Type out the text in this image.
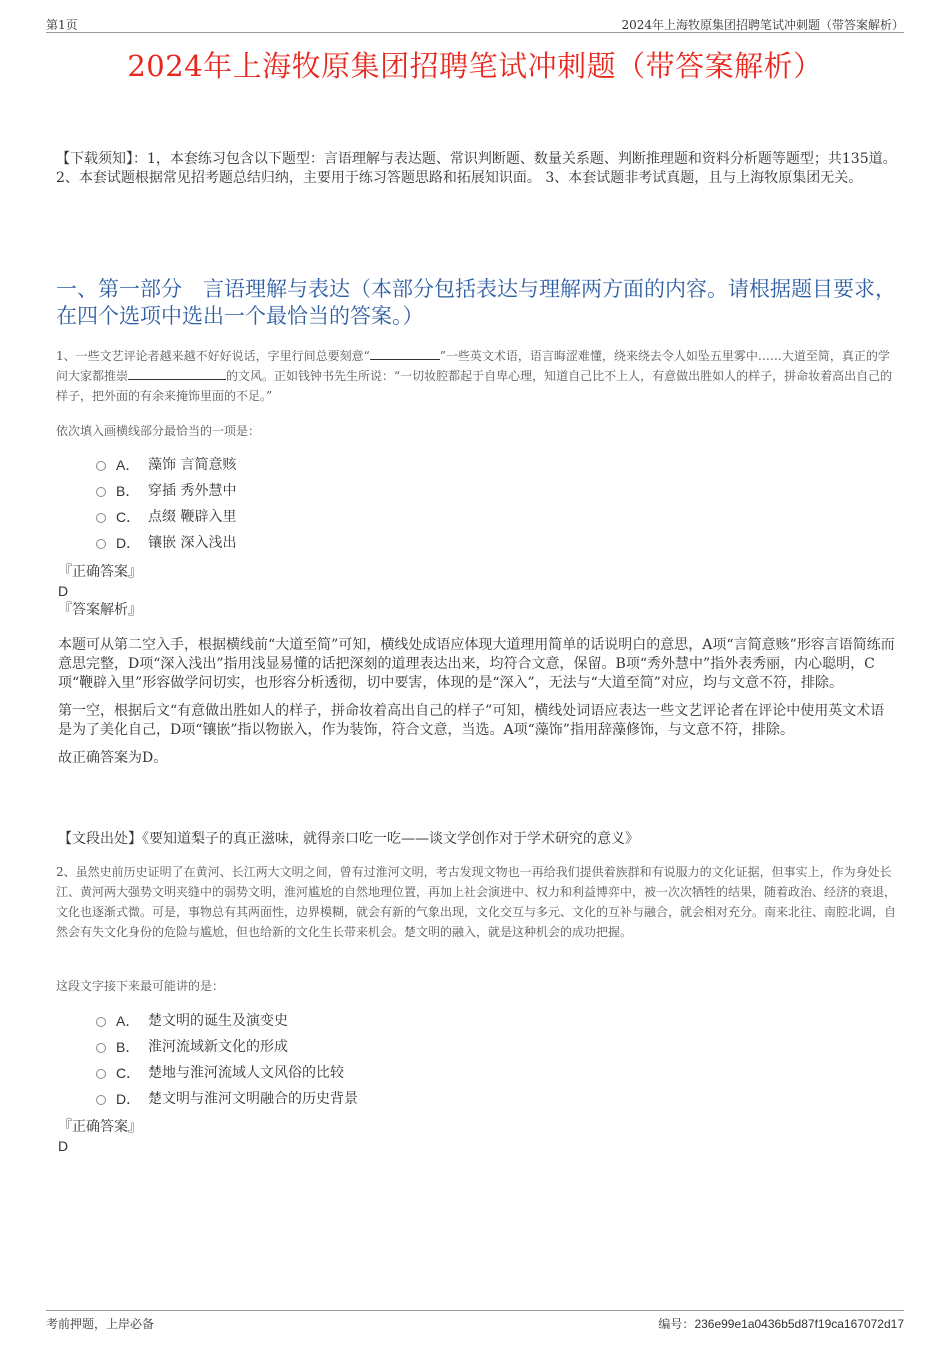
第1页	2024年上海牧原集团招聘笔试冲刺题（带答案解析）
2024年上海牧原集团招聘笔试冲刺题（带答案解析）
【下载须知】：1，本套练习包含以下题型：言语理解与表达题、常识判断题、数量关系题、判断推理题和资料分析题等题型；共135道。 2、本套试题根据常见招考题总结归纳，主要用于练习答题思路和拓展知识面。 3、本套试题非考试真题，且与上海牧原集团无关。
一、第一部分　言语理解与表达（本部分包括表达与理解两方面的内容。请根据题目要求，在四个选项中选出一个最恰当的答案。）
1、一些文艺评论者越来越不好好说话，字里行间总要刻意“	”一些英文术语，语言晦涩难懂，绕来绕去令人如坠五里雾中……大道至简，真正的学问大家都推崇	的文风。正如钱钟书先生所说：“一切妆腔都起于自卑心理，知道自己比不上人，有意做出胜如人的样子，拼命妆着高出自己的样子，把外面的有余来掩饰里面的不足。”
依次填入画横线部分最恰当的一项是：
A． 藻饰 言简意赅
B． 穿插 秀外慧中
C． 点缀 鞭辟入里
D． 镶嵌 深入浅出
『正确答案』
D
『答案解析』

本题可从第二空入手，根据横线前“大道至简”可知，横线处成语应体现大道理用简单的话说明白的意思，A项“言简意赅”形容言语简练而意思完整，D项“深入浅出”指用浅显易懂的话把深刻的道理表达出来，均符合文意，保留。B项“秀外慧中”指外表秀丽，内心聪明，C项“鞭辟入里”形容做学问切实，也形容分析透彻，切中要害，体现的是“深入”，无法与“大道至简”对应，均与文意不符，排除。

第一空，根据后文“有意做出胜如人的样子，拼命妆着高出自己的样子”可知，横线处词语应表达一些文艺评论者在评论中使用英文术语是为了美化自己，D项“镶嵌”指以物嵌入，作为装饰，符合文意，当选。A项“藻饰”指用辞藻修饰，与文意不符，排除。

故正确答案为D。

【文段出处】《要知道梨子的真正滋味，就得亲口吃一吃——谈文学创作对于学术研究的意义》
2、虽然史前历史证明了在黄河、长江两大文明之间，曾有过淮河文明，考古发现文物也一再给我们提供着族群和有说服力的文化证据，但事实上，作为身处长江、黄河两大强势文明夹缝中的弱势文明，淮河尴尬的自然地理位置，再加上社会演进中、权力和利益博弈中，被一次次牺牲的结果，随着政治、经济的衰退，文化也逐渐式微。可是，事物总有其两面性，边界模糊，就会有新的气象出现，文化交互与多元、文化的互补与融合，就会相对充分。南来北往、南腔北调，自然会有失文化身份的危险与尴尬，但也给新的文化生长带来机会。楚文明的融入，就是这种机会的成功把握。
这段文字接下来最可能讲的是：
A． 楚文明的诞生及演变史
B． 淮河流域新文化的形成
C． 楚地与淮河流域人文风俗的比较
D． 楚文明与淮河文明融合的历史背景
『正确答案』
D
考前押题，上岸必备	编号：236e99e1a0436b5d87f19ca167072d17
